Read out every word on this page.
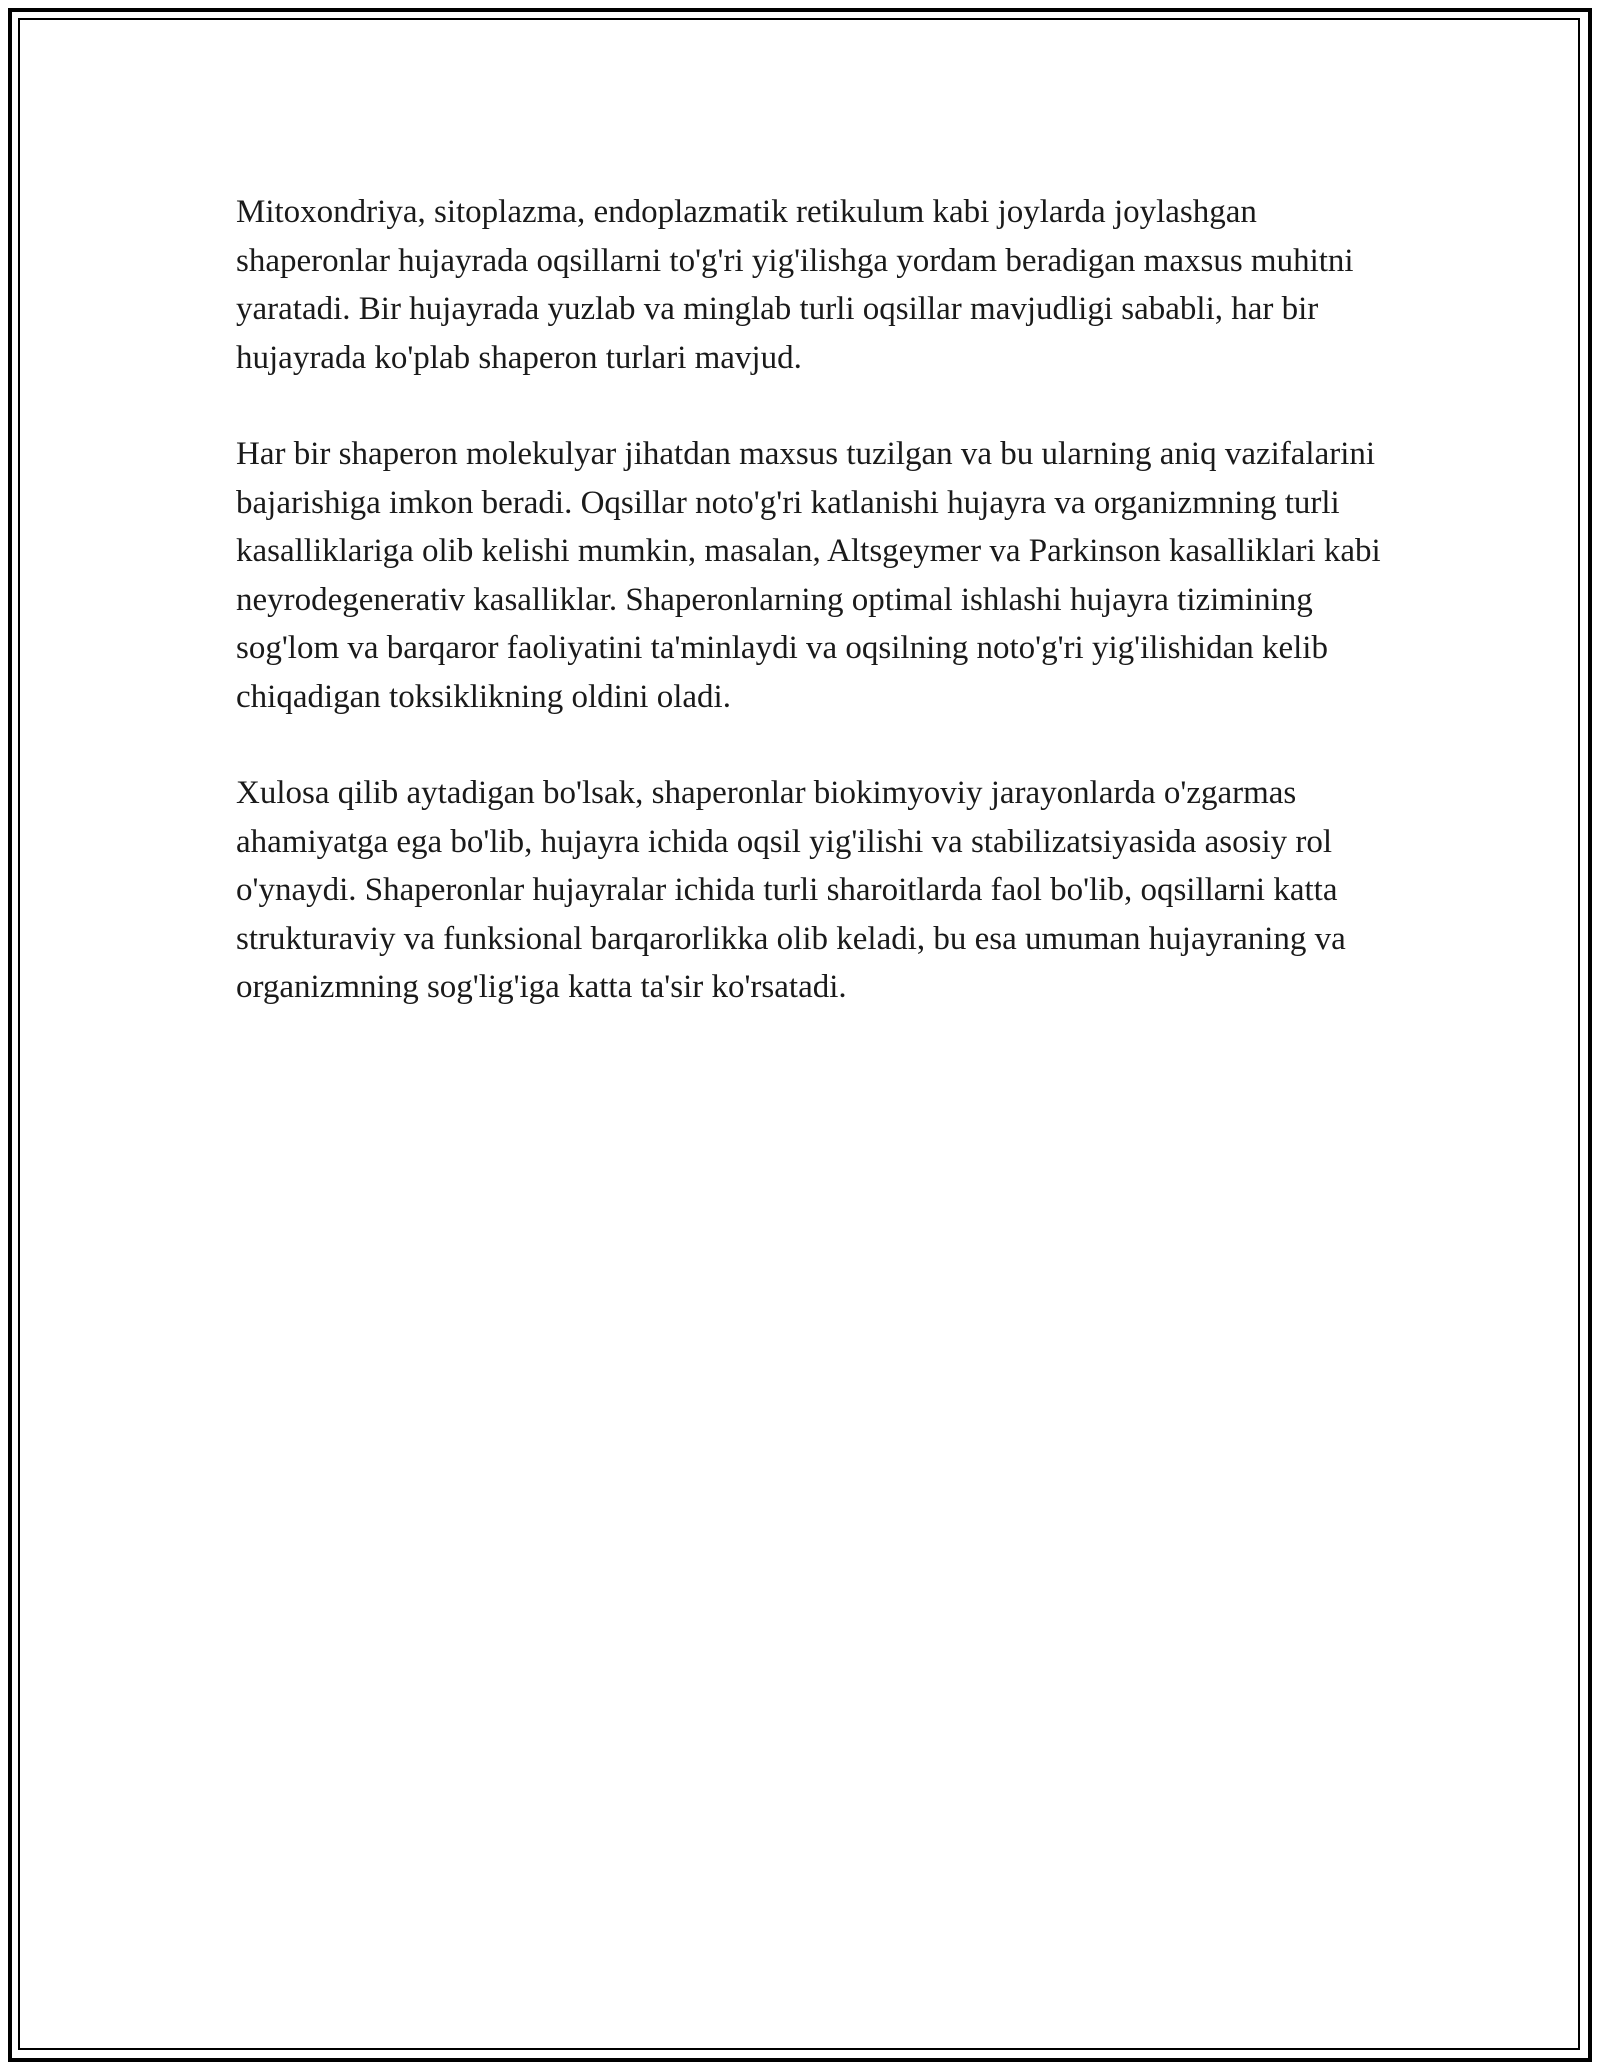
Mitoxondriya, sitoplazma, endoplazmatik retikulum kabi joylarda joylashgan shaperonlar hujayrada oqsillarni to'g'ri yig'ilishga yordam beradigan maxsus muhitni yaratadi. Bir hujayrada yuzlab va minglab turli oqsillar mavjudligi sababli, har bir hujayrada ko'plab shaperon turlari mavjud.

Har bir shaperon molekulyar jihatdan maxsus tuzilgan va bu ularning aniq vazifalarini bajarishiga imkon beradi. Oqsillar noto'g'ri katlanishi hujayra va organizmning turli kasalliklariga olib kelishi mumkin, masalan, Altsgeymer va Parkinson kasalliklari kabi neyrodegenerativ kasalliklar. Shaperonlarning optimal ishlashi hujayra tizimining sog'lom va barqaror faoliyatini ta'minlaydi va oqsilning noto'g'ri yig'ilishidan kelib chiqadigan toksiklikning oldini oladi.

Xulosa qilib aytadigan bo'lsak, shaperonlar biokimyoviy jarayonlarda o'zgarmas ahamiyatga ega bo'lib, hujayra ichida oqsil yig'ilishi va stabilizatsiyasida asosiy rol o'ynaydi. Shaperonlar hujayralar ichida turli sharoitlarda faol bo'lib, oqsillarni katta strukturaviy va funksional barqarorlikka olib keladi, bu esa umuman hujayraning va organizmning sog'lig'iga katta ta'sir ko'rsatadi.
